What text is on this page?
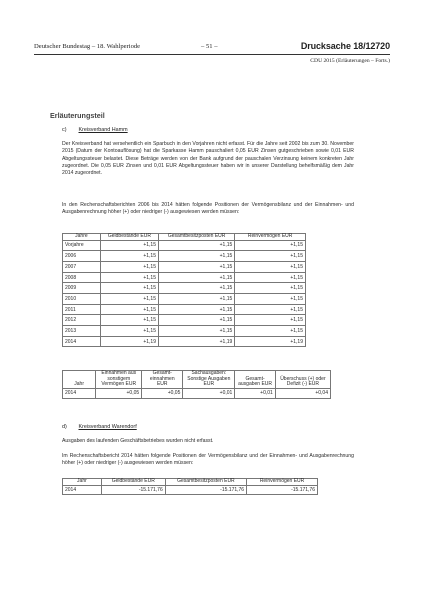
Deutscher Bundestag – 18. Wahlperiode	– 51 –	Drucksache 18/12720
CDU 2015 (Erläuterungen – Forts.)
Erläuterungsteil
c) Kreisverband Hamm
Der Kreisverband hat versehentlich ein Sparbuch in den Vorjahren nicht erfasst. Für die Jahre seit 2002 bis zum 30. November 2015 (Datum der Kontoauflösung) hat die Sparkasse Hamm pauschaliert 0,05 EUR Zinsen gutgeschrieben sowie 0,01 EUR Abgeltungssteuer belastet. Diese Beträge werden von der Bank aufgrund der pauschalen Verzinsung keinem konkreten Jahr zugeordnet. Die 0,05 EUR Zinsen und 0,01 EUR Abgeltungssteuer haben wir in unserer Darstellung behelfsmäßig dem Jahr 2014 zugeordnet.
In den Rechenschaftsberichten 2006 bis 2014 hätten folgende Positionen der Vermögensbilanz und der Einnahmen- und Ausgabenrechnung höher (+) oder niedriger (-) ausgewiesen werden müssen:
Jahre	Geldbestände EUR	Gesamtbesitzposten EUR	Reinvermögen EUR
Vorjahre	+1,15	+1,15	+1,15
2006	+1,15	+1,15	+1,15
2007	+1,15	+1,15	+1,15
2008	+1,15	+1,15	+1,15
2009	+1,15	+1,15	+1,15
2010	+1,15	+1,15	+1,15
2011	+1,15	+1,15	+1,15
2012	+1,15	+1,15	+1,15
2013	+1,15	+1,15	+1,15
2014	+1,19	+1,19	+1,19
Jahr	Einnahmen aus sonstigem Vermögen EUR	Gesamt-einnahmen EUR	Sachausgaben: Sonstige Ausgaben EUR	Gesamt-ausgaben EUR	Überschuss (+) oder Defizit (-) EUR
2014	+0,05	+0,05	+0,01	+0,01	+0,04
d) Kreisverband Warendorf
Ausgaben des laufenden Geschäftsbetriebes wurden nicht erfasst.
Im Rechenschaftsbericht 2014 hätten folgende Positionen der Vermögensbilanz und der Einnahmen- und Ausgabenrechnung höher (+) oder niedriger (-) ausgewiesen werden müssen:
Jahr	Geldbestände EUR	Gesamtbesitzposten EUR	Reinvermögen EUR
2014	-15.171,76	-15.171,76	-15.171,76
